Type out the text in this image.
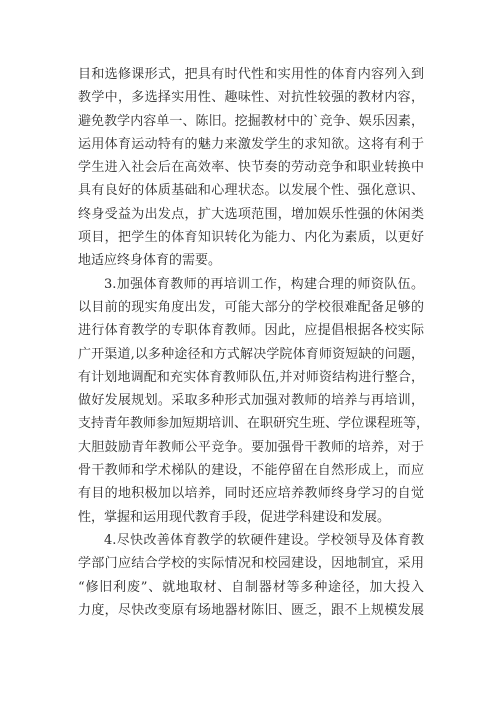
目和选修课形式，把具有时代性和实用性的体育内容列入到
教学中，多选择实用性、趣味性、对抗性较强的教材内容，
避免教学内容单一、陈旧。挖掘教材中的`竞争、娱乐因素，
运用体育运动特有的魅力来激发学生的求知欲。这将有利于
学生进入社会后在高效率、快节奏的劳动竞争和职业转换中
具有良好的体质基础和心理状态。以发展个性、强化意识、
终身受益为出发点，扩大选项范围，增加娱乐性强的休闲类
项目，把学生的体育知识转化为能力、内化为素质，以更好
地适应终身体育的需要。
3.加强体育教师的再培训工作，构建合理的师资队伍。
以目前的现实角度出发，可能大部分的学校很难配备足够的
进行体育教学的专职体育教师。因此，应提倡根据各校实际
广开渠道,以多种途径和方式解决学院体育师资短缺的问题，
有计划地调配和充实体育教师队伍,并对师资结构进行整合，
做好发展规划。采取多种形式加强对教师的培养与再培训，
支持青年教师参加短期培训、在职研究生班、学位课程班等，
大胆鼓励青年教师公平竞争。要加强骨干教师的培养，对于
骨干教师和学术梯队的建设，不能停留在自然形成上，而应
有目的地积极加以培养，同时还应培养教师终身学习的自觉
性，掌握和运用现代教育手段，促进学科建设和发展。
4.尽快改善体育教学的软硬件建设。学校领导及体育教
学部门应结合学校的实际情况和校园建设，因地制宜，采用
“修旧利废”、就地取材、自制器材等多种途径，加大投入
力度，尽快改变原有场地器材陈旧、匮乏，跟不上规模发展
